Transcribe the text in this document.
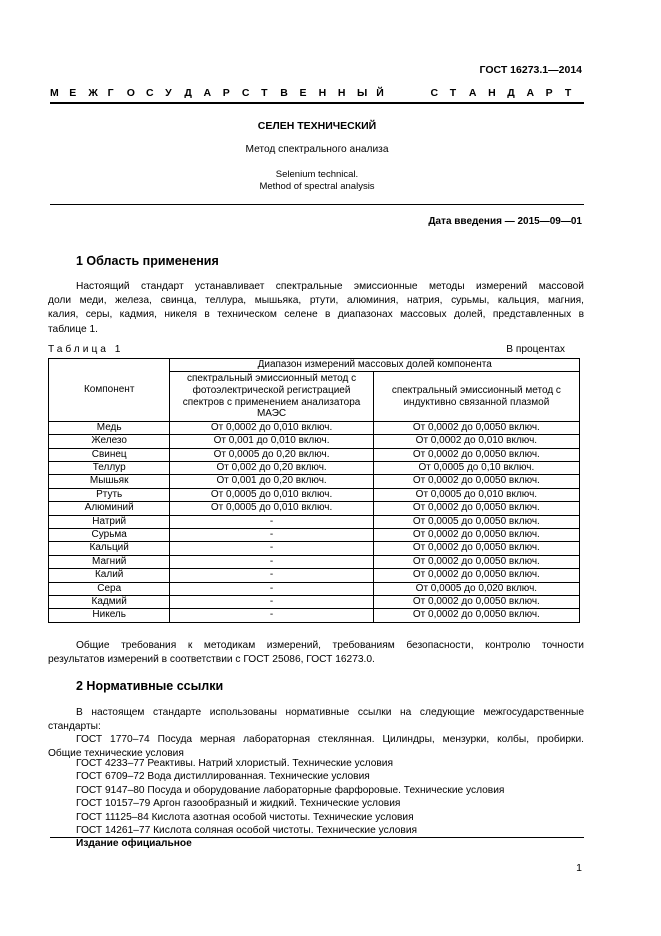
ГОСТ 16273.1—2014
М Е	Ж Г	О	С	У	Д	А	Р	С	Т	В	Е	Н	Н	Ы Й	С	Т	А	Н	Д	А	Р	Т
СЕЛЕН ТЕХНИЧЕСКИЙ
Метод спектрального анализа
Selenium technical.
Method of spectral analysis
Дата введения — 2015—09—01
1 Область применения
Настоящий стандарт устанавливает спектральные эмиссионные методы измерений массовой
доли меди, железа, свинца, теллура, мышьяка, ртути, алюминия, натрия, сурьмы, кальция, магния,
калия, серы, кадмия, никеля в техническом селене в диапазонах массовых долей, представленных в
таблице 1.
Таблица 1	В процентах
Компонент	Диапазон измерений массовых долей компонента	
	спектральный эмиссионный метод с фотоэлектрической регистрацией спектров с применением анализатора МАЭС	спектральный эмиссионный метод с индуктивно связанной плазмой
Медь	От 0,0002 до 0,010 включ.	От 0,0002 до 0,0050 включ.
Железо	От 0,001 до 0,010 включ.	От 0,0002 до 0,010 включ.
Свинец	От 0,0005 до 0,20 включ.	От 0,0002 до 0,0050 включ.
Теллур	От 0,002 до 0,20 включ.	От 0,0005 до 0,10 включ.
Мышьяк	От 0,001 до 0,20 включ.	От 0,0002 до 0,0050 включ.
Ртуть	От 0,0005 до 0,010 включ.	От 0,0005 до 0,010 включ.
Алюминий	От 0,0005 до 0,010 включ.	От 0,0002 до 0,0050 включ.
Натрий	-	От 0,0005 до 0,0050 включ.
Сурьма	-	От 0,0002 до 0,0050 включ.
Кальций	-	От 0,0002 до 0,0050 включ.
Магний	-	От 0,0002 до 0,0050 включ.
Калий	-	От 0,0002 до 0,0050 включ.
Сера	-	От 0,0005 до 0,020 включ.
Кадмий	-	От 0,0002 до 0,0050 включ.
Никель	-	От 0,0002 до 0,0050 включ.
Общие требования к методикам измерений, требованиям безопасности, контролю точности
результатов измерений в соответствии с ГОСТ 25086, ГОСТ 16273.0.
2 Нормативные ссылки
В настоящем стандарте использованы нормативные ссылки на следующие межгосударственные
стандарты:
ГОСТ 1770–74 Посуда мерная лабораторная стеклянная. Цилиндры, мензурки, колбы, пробирки.
Общие технические условия
ГОСТ 4233–77 Реактивы. Натрий хлористый. Технические условия
ГОСТ 6709–72 Вода дистиллированная. Технические условия
ГОСТ 9147–80 Посуда и оборудование лабораторные фарфоровые. Технические условия
ГОСТ 10157–79 Аргон газообразный и жидкий. Технические условия
ГОСТ 11125–84 Кислота азотная особой чистоты. Технические условия
ГОСТ 14261–77 Кислота соляная особой чистоты. Технические условия
Издание официальное
1
